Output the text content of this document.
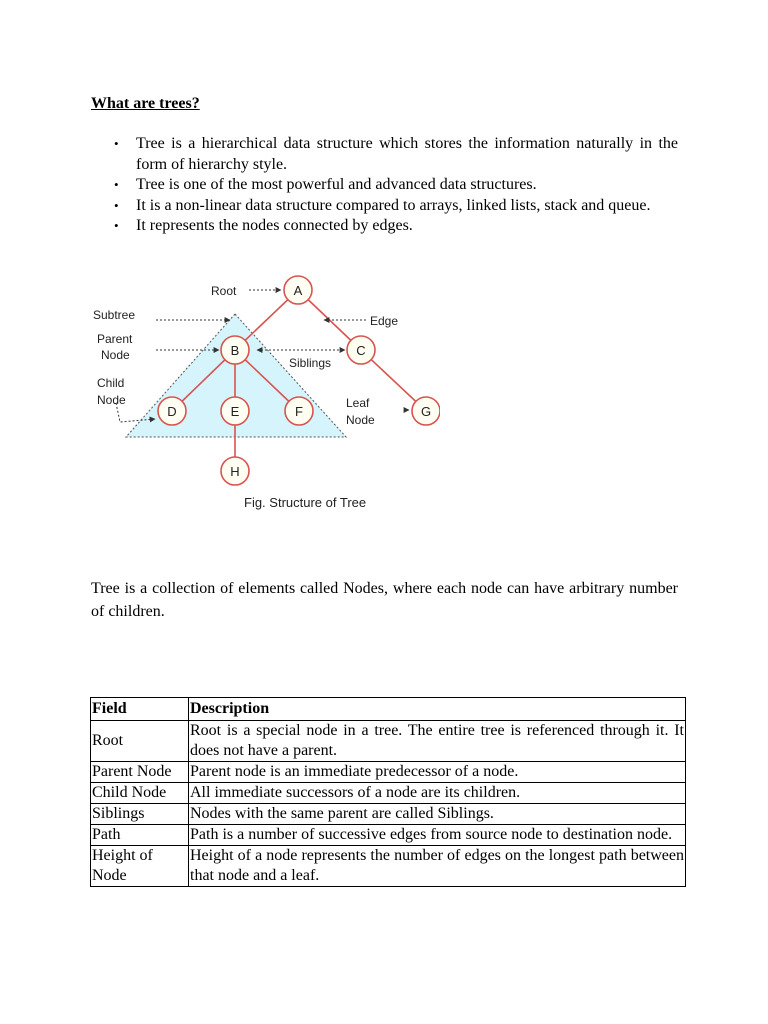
What are trees?
• Tree is a hierarchical data structure which stores the information naturally in the form of hierarchy style.
• Tree is one of the most powerful and advanced data structures.
• It is a non-linear data structure compared to arrays, linked lists, stack and queue.
• It represents the nodes connected by edges.
A
B	C
D	E	F	G
H
Root
Subtree
Parent
Node
Edge
Siblings
Child
Node	Leaf
Node
Fig. Structure of Tree

Tree is a collection of elements called Nodes, where each node can have arbitrary number of children.

Field	Description
Root	Root is a special node in a tree. The entire tree is referenced through it. It does not have a parent.
Parent Node	Parent node is an immediate predecessor of a node.
Child Node	All immediate successors of a node are its children.
Siblings	Nodes with the same parent are called Siblings.
Path	Path is a number of successive edges from source node to destination node.
Height of Node	Height of a node represents the number of edges on the longest path between that node and a leaf.
